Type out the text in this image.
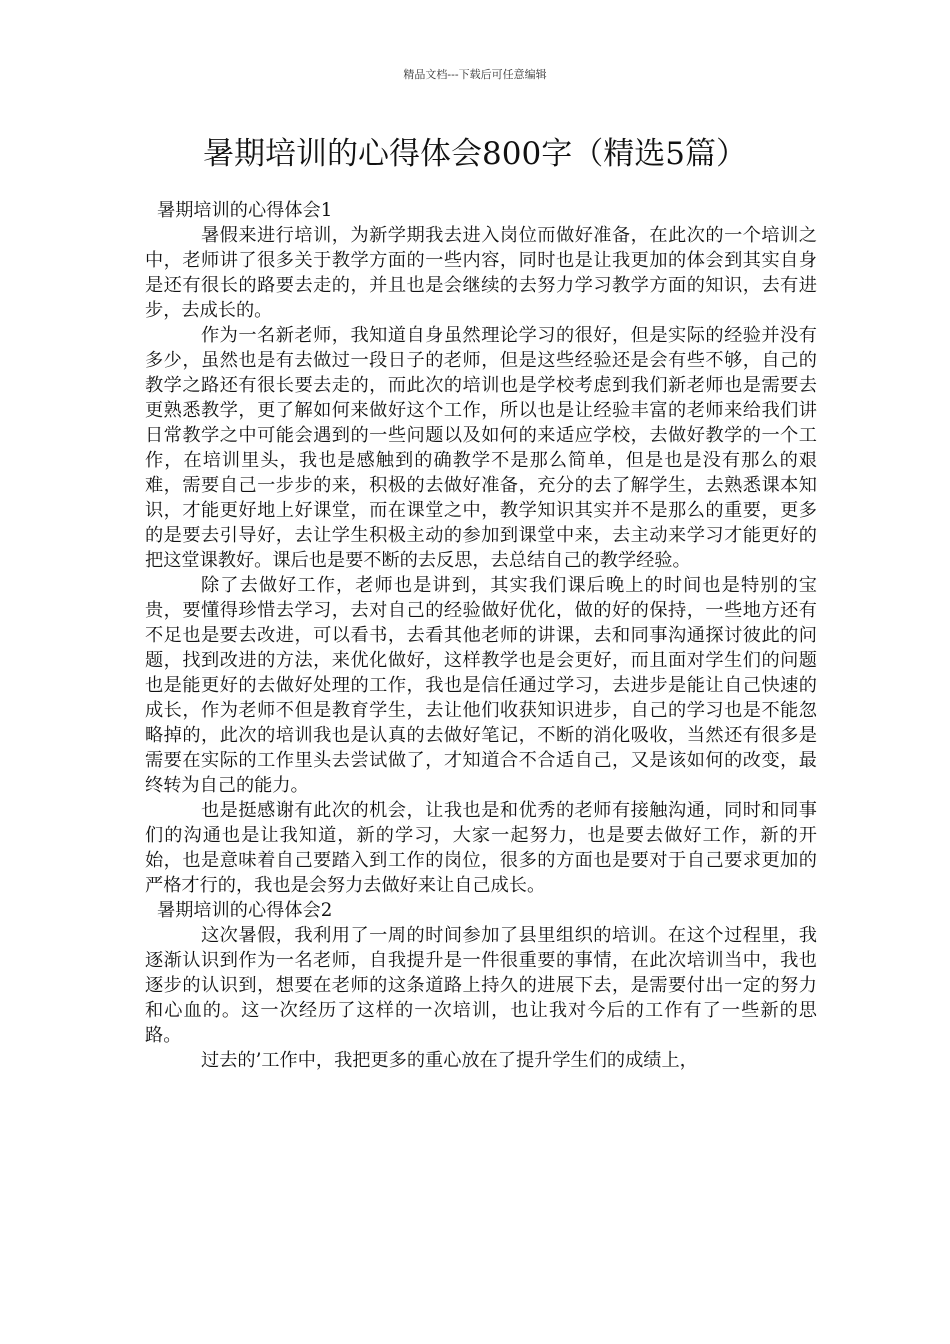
精品文档---下载后可任意编辑
暑期培训的心得体会800字（精选5篇）
暑期培训的心得体会1

暑假来进行培训，为新学期我去进入岗位而做好准备，在此次的一个培训之中，老师讲了很多关于教学方面的一些内容，同时也是让我更加的体会到其实自身是还有很长的路要去走的，并且也是会继续的去努力学习教学方面的知识，去有进步，去成长的。

作为一名新老师，我知道自身虽然理论学习的很好，但是实际的经验并没有多少，虽然也是有去做过一段日子的老师，但是这些经验还是会有些不够，自己的教学之路还有很长要去走的，而此次的培训也是学校考虑到我们新老师也是需要去更熟悉教学，更了解如何来做好这个工作，所以也是让经验丰富的老师来给我们讲日常教学之中可能会遇到的一些问题以及如何的来适应学校，去做好教学的一个工作，在培训里头，我也是感触到的确教学不是那么简单，但是也是没有那么的艰难，需要自己一步步的来，积极的去做好准备，充分的去了解学生，去熟悉课本知识，才能更好地上好课堂，而在课堂之中，教学知识其实并不是那么的重要，更多的是要去引导好，去让学生积极主动的参加到课堂中来，去主动来学习才能更好的把这堂课教好。课后也是要不断的去反思，去总结自己的教学经验。

除了去做好工作，老师也是讲到，其实我们课后晚上的时间也是特别的宝贵，要懂得珍惜去学习，去对自己的经验做好优化，做的好的保持，一些地方还有不足也是要去改进，可以看书，去看其他老师的讲课，去和同事沟通探讨彼此的问题，找到改进的方法，来优化做好，这样教学也是会更好，而且面对学生们的问题也是能更好的去做好处理的工作，我也是信任通过学习，去进步是能让自己快速的成长，作为老师不但是教育学生，去让他们收获知识进步，自己的学习也是不能忽略掉的，此次的培训我也是认真的去做好笔记，不断的消化吸收，当然还有很多是需要在实际的工作里头去尝试做了，才知道合不合适自己，又是该如何的改变，最终转为自己的能力。

也是挺感谢有此次的机会，让我也是和优秀的老师有接触沟通，同时和同事们的沟通也是让我知道，新的学习，大家一起努力，也是要去做好工作，新的开始，也是意味着自己要踏入到工作的岗位，很多的方面也是要对于自己要求更加的严格才行的，我也是会努力去做好来让自己成长。

暑期培训的心得体会2

这次暑假，我利用了一周的时间参加了县里组织的培训。在这个过程里，我逐渐认识到作为一名老师，自我提升是一件很重要的事情，在此次培训当中，我也逐步的认识到，想要在老师的这条道路上持久的进展下去，是需要付出一定的努力和心血的。这一次经历了这样的一次培训，也让我对今后的工作有了一些新的思路。

过去的’工作中，我把更多的重心放在了提升学生们的成绩上，
